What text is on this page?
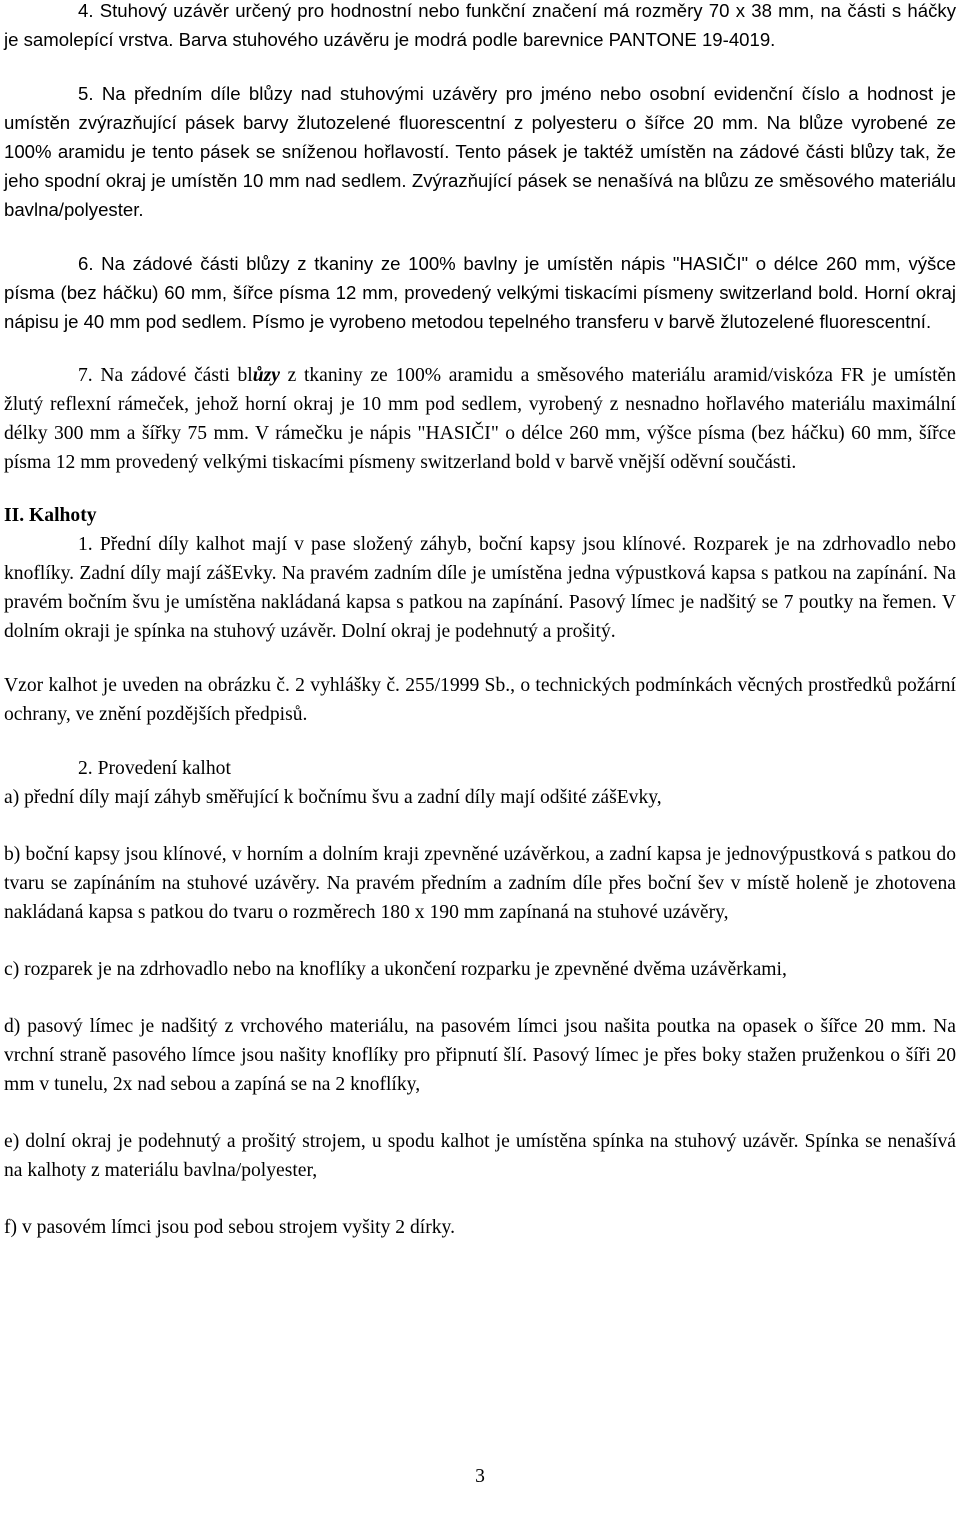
4. Stuhový uzávěr určený pro hodnostní nebo funkční značení má rozměry 70 x 38 mm, na části s háčky je samolepící vrstva. Barva stuhového uzávěru je modrá podle barevnice PANTONE 19-4019.

5. Na předním díle blůzy nad stuhovými uzávěry pro jméno nebo osobní evidenční číslo a hodnost je umístěn zvýrazňující pásek barvy žlutozelené fluorescentní z polyesteru o šířce 20 mm. Na blůze vyrobené ze 100% aramidu je tento pásek se sníženou hořlavostí. Tento pásek je taktéž umístěn na zádové části blůzy tak, že jeho spodní okraj je umístěn 10 mm nad sedlem. Zvýrazňující pásek se nenašívá na blůzu ze směsového materiálu bavlna/polyester.

6. Na zádové části blůzy z tkaniny ze 100% bavlny je umístěn nápis "HASIČI" o délce 260 mm, výšce písma (bez háčku) 60 mm, šířce písma 12 mm, provedený velkými tiskacími písmeny switzerland bold. Horní okraj nápisu je 40 mm pod sedlem. Písmo je vyrobeno metodou tepelného transferu v barvě žlutozelené fluorescentní.

7. Na zádové části blůzy z tkaniny ze 100% aramidu a směsového materiálu aramid/viskóza FR je umístěn žlutý reflexní rámeček, jehož horní okraj je 10 mm pod sedlem, vyrobený z nesnadno hořlavého materiálu maximální délky 300 mm a šířky 75 mm. V rámečku je nápis "HASIČI" o délce 260 mm, výšce písma (bez háčku) 60 mm, šířce písma 12 mm provedený velkými tiskacími písmeny switzerland bold v barvě vnější oděvní součásti.

II. Kalhoty

1. Přední díly kalhot mají v pase složený záhyb, boční kapsy jsou klínové. Rozparek je na zdrhovadlo nebo knoflíky. Zadní díly mají zášEvky. Na pravém zadním díle je umístěna jedna výpustková kapsa s patkou na zapínání. Na pravém bočním švu je umístěna nakládaná kapsa s patkou na zapínání. Pasový límec je nadšitý se 7 poutky na řemen. V dolním okraji je spínka na stuhový uzávěr. Dolní okraj je podehnutý a prošitý.

Vzor kalhot je uveden na obrázku č. 2 vyhlášky č. 255/1999 Sb., o technických podmínkách věcných prostředků požární ochrany, ve znění pozdějších předpisů.

2. Provedení kalhot

a) přední díly mají záhyb směřující k bočnímu švu a zadní díly mají odšité zášEvky,

b) boční kapsy jsou klínové, v horním a dolním kraji zpevněné uzávěrkou, a zadní kapsa je jednovýpustková s patkou do tvaru se zapínáním na stuhové uzávěry. Na pravém předním a zadním díle přes boční šev v místě holeně je zhotovena nakládaná kapsa s patkou do tvaru o rozměrech 180 x 190 mm zapínaná na stuhové uzávěry,

c) rozparek je na zdrhovadlo nebo na knoflíky a ukončení rozparku je zpevněné dvěma uzávěrkami,

d) pasový límec je nadšitý z vrchového materiálu, na pasovém límci jsou našita poutka na opasek o šířce 20 mm. Na vrchní straně pasového límce jsou našity knoflíky pro připnutí šlí. Pasový límec je přes boky stažen pruženkou o šíři 20 mm v tunelu, 2x nad sebou a zapíná se na 2 knoflíky,

e) dolní okraj je podehnutý a prošitý strojem, u spodu kalhot je umístěna spínka na stuhový uzávěr. Spínka se nenašívá na kalhoty z materiálu bavlna/polyester,

f) v pasovém límci jsou pod sebou strojem vyšity 2 dírky.

3
